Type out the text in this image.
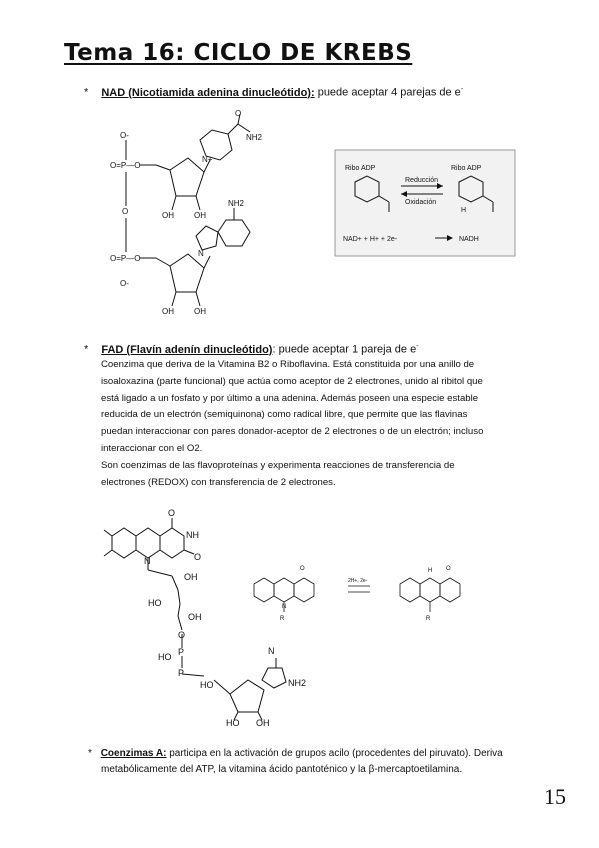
Tema 16: CICLO DE KREBS
* NAD (Nicotiamida adenina dinucleótido): puede aceptar 4 parejas de e-
O-
O=P—O
O
O=P—O
O-
N+
O
NH2
OH	OH
NH2
N
OH	OH
Ribo ADP	Ribo ADP
Reducción
Oxidación
H
NAD+ + H+ + 2e-	NADH
* FAD (Flavín adenín dinucleótido): puede aceptar 1 pareja de e-
Coenzima que deriva de la Vitamina B2 o Riboflavina. Está constituida por una anillo de
isoaloxazina (parte funcional) que actúa como aceptor de 2 electrones, unido al ribitol que
está ligado a un fosfato y por último a una adenina. Además poseen una especie estable
reducida de un electrón (semiquinona) como radical libre, que permite que las flavinas
puedan interaccionar con pares donador-aceptor de 2 electrones o de un electrón; incluso
interaccionar con el O2.
Son coenzimas de las flavoproteínas y experimenta reacciones de transferencia de
electrones (REDOX) con transferencia de 2 electrones.
O
NH
O
N
OH
HO
OH
O
P
HO
P
HO
N
NH2
HO OH
N
O
R
2H+, 2e-
H O
R
* Coenzimas A: participa en la activación de grupos acilo (procedentes del piruvato). Deriva
metabólicamente del ATP, la vitamina ácido pantoténico y la β-mercaptoetilamina.
15
